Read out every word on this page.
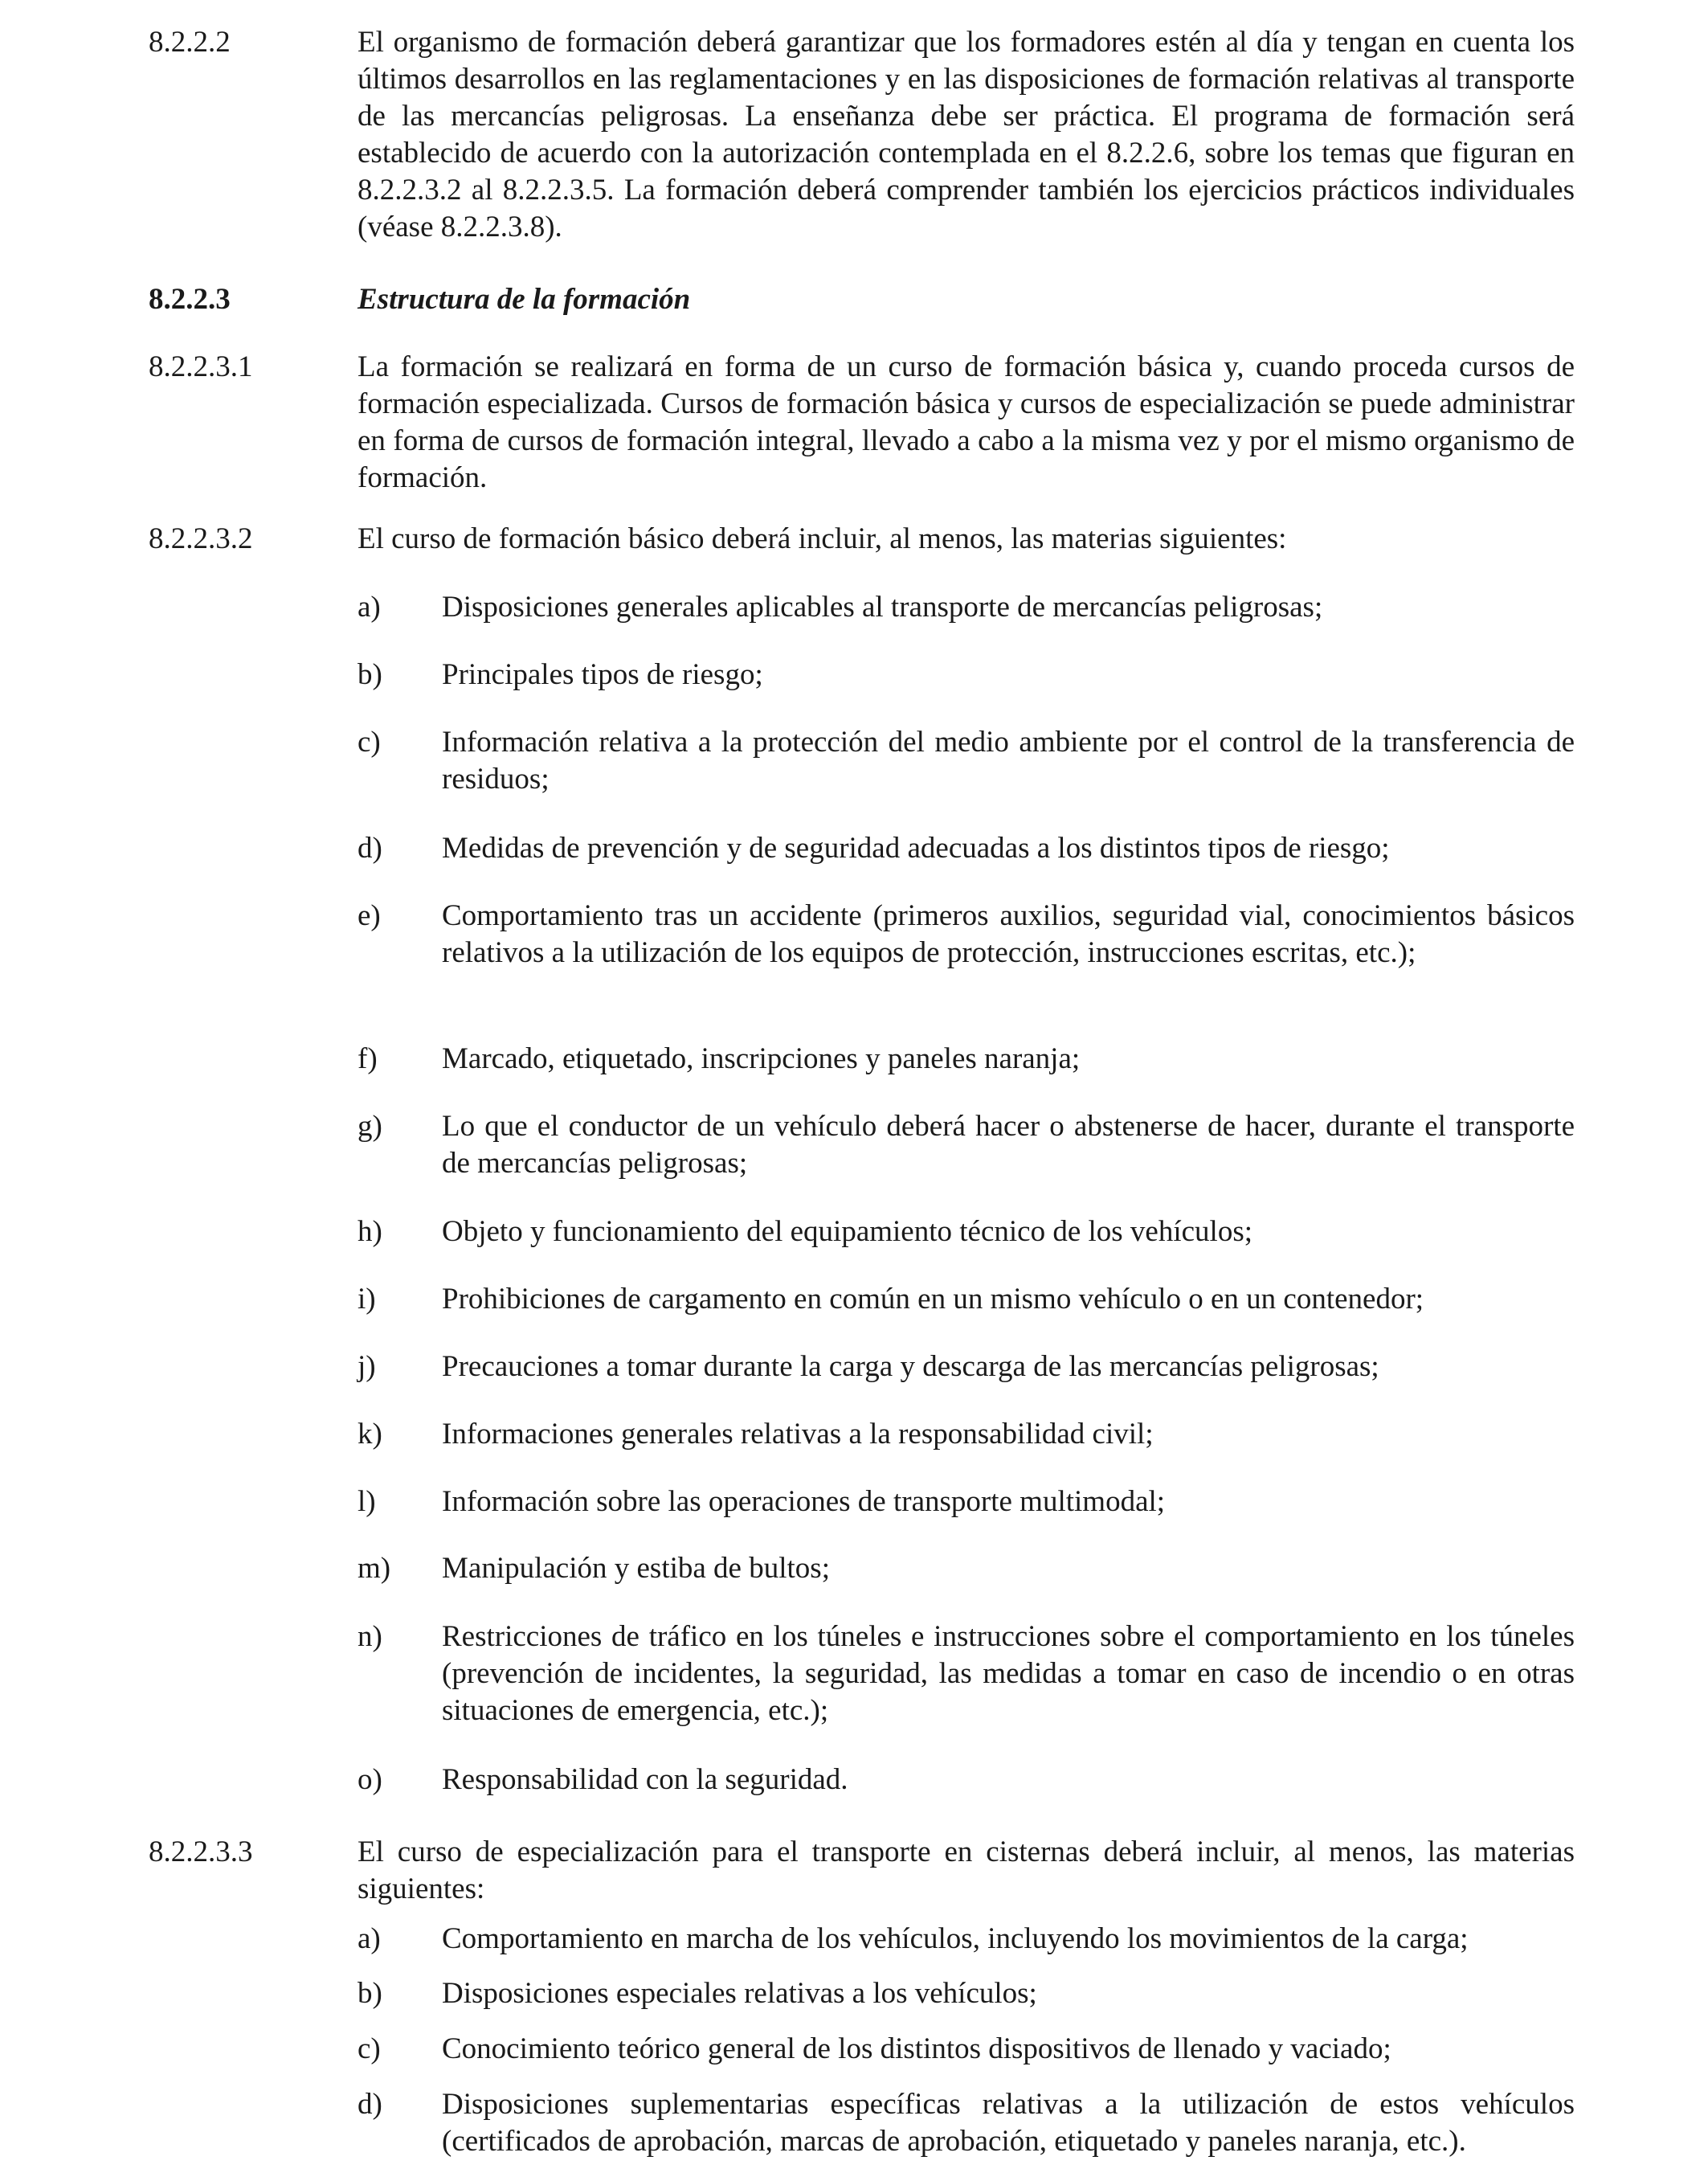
8.2.2.2	El organismo de formación deberá garantizar que los formadores estén al día y tengan en cuenta los últimos desarrollos en las reglamentaciones y en las disposiciones de formación relativas al transporte de las mercancías peligrosas. La enseñanza debe ser práctica. El programa de formación será establecido de acuerdo con la autorización contemplada en el 8.2.2.6, sobre los temas que figuran en 8.2.2.3.2 al 8.2.2.3.5. La formación deberá comprender también los ejercicios prácticos individuales (véase 8.2.2.3.8).
8.2.2.3	Estructura de la formación
8.2.2.3.1	La formación se realizará en forma de un curso de formación básica y, cuando proceda cursos de formación especializada. Cursos de formación básica y cursos de especialización se puede administrar en forma de cursos de formación integral, llevado a cabo a la misma vez y por el mismo organismo de formación.
8.2.2.3.2	El curso de formación básico deberá incluir, al menos, las materias siguientes:
a) Disposiciones generales aplicables al transporte de mercancías peligrosas;
b) Principales tipos de riesgo;
c) Información relativa a la protección del medio ambiente por el control de la transferencia de residuos;
d) Medidas de prevención y de seguridad adecuadas a los distintos tipos de riesgo;
e) Comportamiento tras un accidente (primeros auxilios, seguridad vial, conocimientos básicos relativos a la utilización de los equipos de protección, instrucciones escritas, etc.);
f) Marcado, etiquetado, inscripciones y paneles naranja;
g) Lo que el conductor de un vehículo deberá hacer o abstenerse de hacer, durante el transporte de mercancías peligrosas;
h) Objeto y funcionamiento del equipamiento técnico de los vehículos;
i) Prohibiciones de cargamento en común en un mismo vehículo o en un contenedor;
j) Precauciones a tomar durante la carga y descarga de las mercancías peligrosas;
k) Informaciones generales relativas a la responsabilidad civil;
l) Información sobre las operaciones de transporte multimodal;
m) Manipulación y estiba de bultos;
n) Restricciones de tráfico en los túneles e instrucciones sobre el comportamiento en los túneles (prevención de incidentes, la seguridad, las medidas a tomar en caso de incendio o en otras situaciones de emergencia, etc.);
o) Responsabilidad con la seguridad.
8.2.2.3.3	El curso de especialización para el transporte en cisternas deberá incluir, al menos, las materias siguientes:
a) Comportamiento en marcha de los vehículos, incluyendo los movimientos de la carga;
b) Disposiciones especiales relativas a los vehículos;
c) Conocimiento teórico general de los distintos dispositivos de llenado y vaciado;
d) Disposiciones suplementarias específicas relativas a la utilización de estos vehículos (certificados de aprobación, marcas de aprobación, etiquetado y paneles naranja, etc.).
